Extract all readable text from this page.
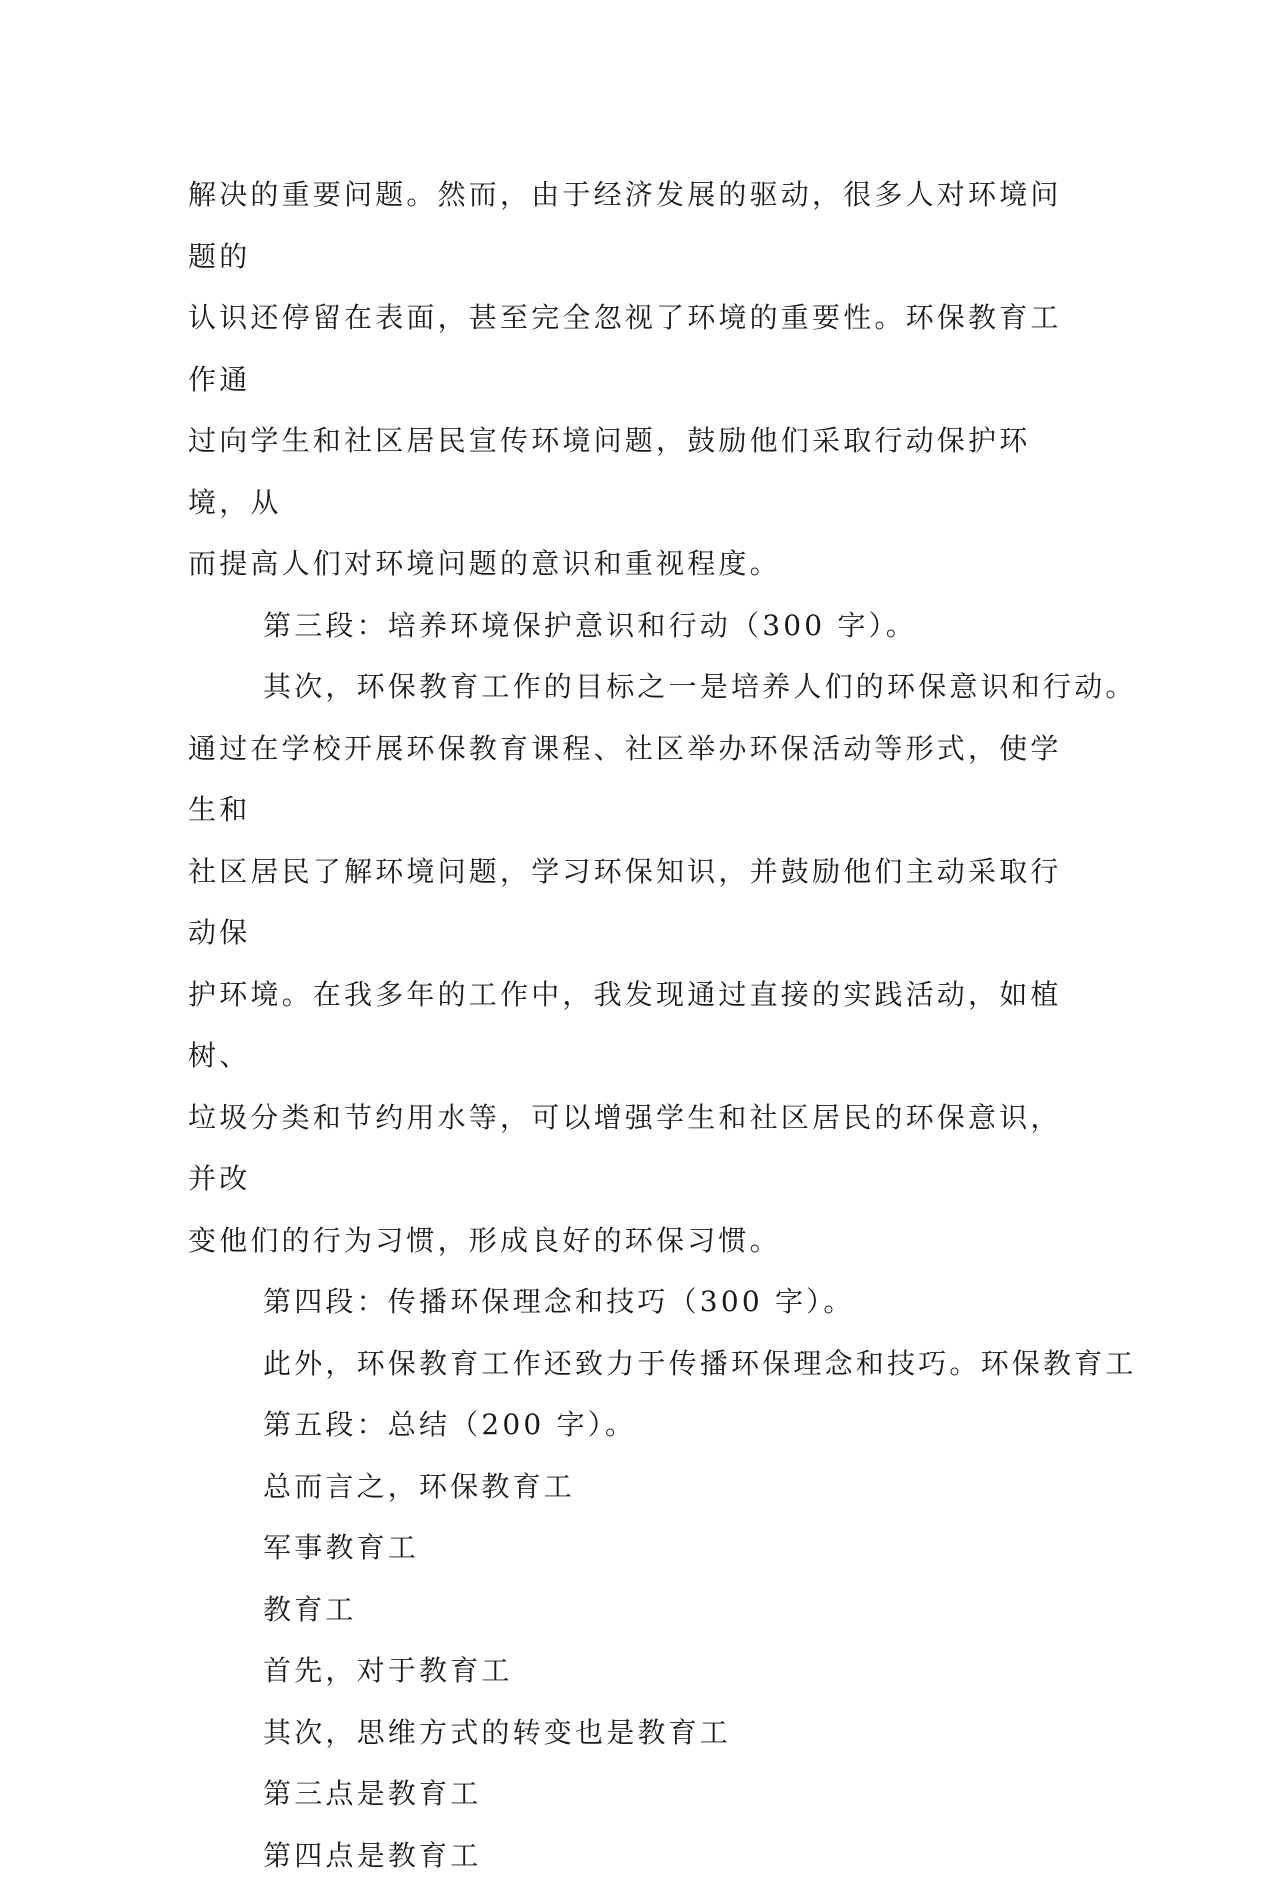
解决的重要问题。然而，由于经济发展的驱动，很多人对环境问题的

认识还停留在表面，甚至完全忽视了环境的重要性。环保教育工作通

过向学生和社区居民宣传环境问题，鼓励他们采取行动保护环境，从

而提高人们对环境问题的意识和重视程度。

第三段：培养环境保护意识和行动（300 字）。

其次，环保教育工作的目标之一是培养人们的环保意识和行动。

通过在学校开展环保教育课程、社区举办环保活动等形式，使学生和

社区居民了解环境问题，学习环保知识，并鼓励他们主动采取行动保

护环境。在我多年的工作中，我发现通过直接的实践活动，如植树、

垃圾分类和节约用水等，可以增强学生和社区居民的环保意识，并改

变他们的行为习惯，形成良好的环保习惯。

第四段：传播环保理念和技巧（300 字）。

此外，环保教育工作还致力于传播环保理念和技巧。环保教育工

第五段：总结（200 字）。

总而言之，环保教育工

军事教育工

教育工

首先，对于教育工

其次，思维方式的转变也是教育工

第三点是教育工

第四点是教育工
